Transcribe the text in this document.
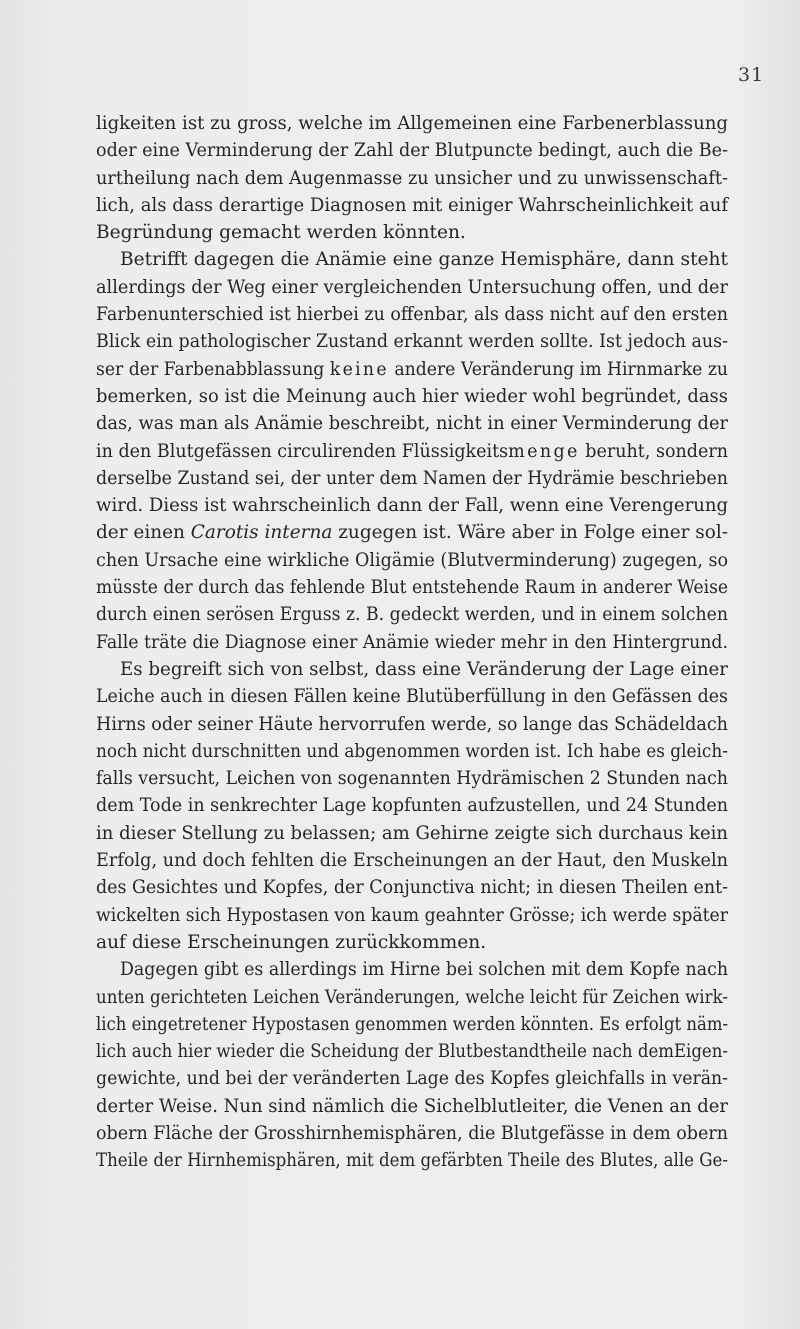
31
ligkeiten ist zu gross, welche im Allgemeinen eine Farbenerblassung
oder eine Verminderung der Zahl der Blutpuncte bedingt, auch die Be-
urtheilung nach dem Augenmasse zu unsicher und zu unwissenschaft-
lich, als dass derartige Diagnosen mit einiger Wahrscheinlichkeit auf
Begründung gemacht werden könnten.
Betrifft dagegen die Anämie eine ganze Hemisphäre, dann steht
allerdings der Weg einer vergleichenden Untersuchung offen, und der
Farbenunterschied ist hierbei zu offenbar, als dass nicht auf den ersten
Blick ein pathologischer Zustand erkannt werden sollte. Ist jedoch aus-
ser der Farbenabblassung keine andere Veränderung im Hirnmarke zu
bemerken, so ist die Meinung auch hier wieder wohl begründet, dass
das, was man als Anämie beschreibt, nicht in einer Verminderung der
in den Blutgefässen circulirenden Flüssigkeitsmenge beruht, sondern
derselbe Zustand sei, der unter dem Namen der Hydrämie beschrieben
wird. Diess ist wahrscheinlich dann der Fall, wenn eine Verengerung
der einen Carotis interna zugegen ist. Wäre aber in Folge einer sol-
chen Ursache eine wirkliche Oligämie (Blutverminderung) zugegen, so
müsste der durch das fehlende Blut entstehende Raum in anderer Weise
durch einen serösen Erguss z. B. gedeckt werden, und in einem solchen
Falle träte die Diagnose einer Anämie wieder mehr in den Hintergrund.
Es begreift sich von selbst, dass eine Veränderung der Lage einer
Leiche auch in diesen Fällen keine Blutüberfüllung in den Gefässen des
Hirns oder seiner Häute hervorrufen werde, so lange das Schädeldach
noch nicht durschnitten und abgenommen worden ist. Ich habe es gleich-
falls versucht, Leichen von sogenannten Hydrämischen 2 Stunden nach
dem Tode in senkrechter Lage kopfunten aufzustellen, und 24 Stunden
in dieser Stellung zu belassen; am Gehirne zeigte sich durchaus kein
Erfolg, und doch fehlten die Erscheinungen an der Haut, den Muskeln
des Gesichtes und Kopfes, der Conjunctiva nicht; in diesen Theilen ent-
wickelten sich Hypostasen von kaum geahnter Grösse; ich werde später
auf diese Erscheinungen zurückkommen.
Dagegen gibt es allerdings im Hirne bei solchen mit dem Kopfe nach
unten gerichteten Leichen Veränderungen, welche leicht für Zeichen wirk-
lich eingetretener Hypostasen genommen werden könnten. Es erfolgt näm-
lich auch hier wieder die Scheidung der Blutbestandtheile nach demEigen-
gewichte, und bei der veränderten Lage des Kopfes gleichfalls in verän-
derter Weise. Nun sind nämlich die Sichelblutleiter, die Venen an der
obern Fläche der Grosshirnhemisphären, die Blutgefässe in dem obern
Theile der Hirnhemisphären, mit dem gefärbten Theile des Blutes, alle Ge-
